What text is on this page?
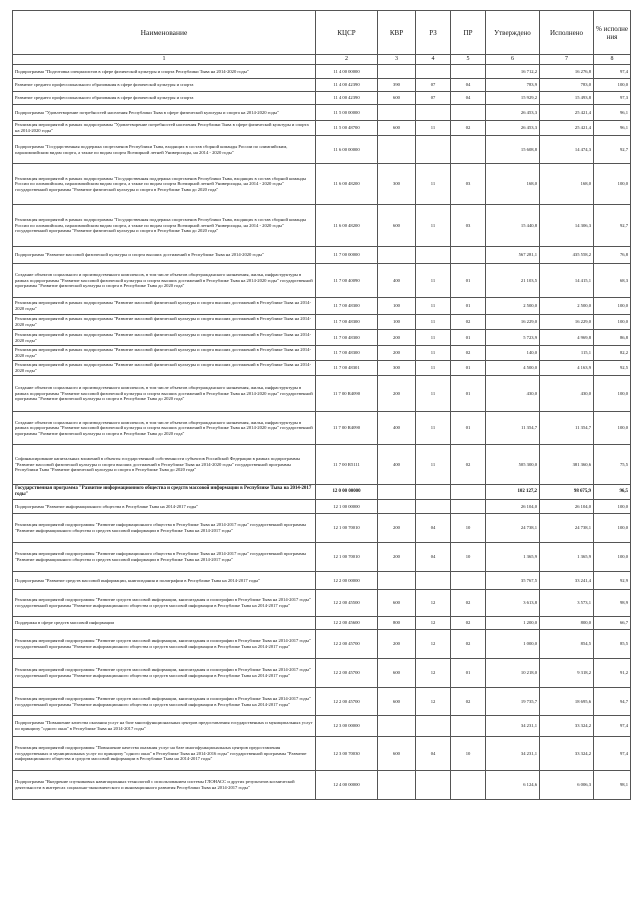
Наименование	КЦСР	КВР	РЗ	ПР	Утверждено	Исполнено	% исполне ния
1	2	3	4	5	6	7	8
Подпрограмма "Подготовка специалистов в сфере физической культуры и спорта Республики Тыва на 2014-2020 годы"	11 4 00 00000				16 712,2	16 276,8	97,4
Развитие среднего профессионального образования в сфере физической культуры и спорта	11 4 00 42390	390	07	04	783,9	783,0	100,0
Развитие среднего профессионального образования в сфере физической культуры и спорта	11 4 00 42390	600	07	04	15 929,2	15 493,8	97,3
Подпрограмма "Удовлетворение потребностей населения Республики Тыва в сфере физической культуры и спорта на 2014-2020 годы"	11 5 00 00000				26 453,3	25 421,4	96,1
Реализация мероприятий в рамках подпрограммы "Удовлетворение потребностей населения Республики Тыва в сфере физической культуры и спорта на 2014-2020 годы"	11 5 00 48700	600	11	02	26 453,3	25 421,4	96,1
Подпрограмма "Государственная поддержка спортсменов Республики Тыва, входящих в состав сборной команды России по олимпийским, паралимпийским видам спорта, а также по видам спорта Всемирной летней Универсиады, на 2014 - 2020 годы"	11 6 00 00000				15 608,8	14 474,3	92,7
Реализация мероприятий в рамках подпрограммы "Государственная поддержка спортсменов Республики Тыва, входящих в состав сборной команды России по олимпийским, паралимпийским видам спорта, а также по видам спорта Всемирной летней Универсиады, на 2014 - 2020 годы" государственной программы "Развитие физической культуры и спорта в Республике Тыва до 2020 года"	11 6 00 48200	300	11	03	168,0	168,0	100,0
Реализация мероприятий в рамках подпрограммы "Государственная поддержка спортсменов Республики Тыва, входящих в состав сборной команды России по олимпийским, паралимпийским видам спорта, а также по видам спорта Всемирной летней Универсиады, на 2014 - 2020 годы" государственной программы "Развитие физической культуры и спорта в Республике Тыва до 2020 года"	11 6 00 48200	600	11	03	15 440,8	14 306,3	92,7
Подпрограмма "Развитие массовой физической культуры и спорта высших достижений в Республике Тыва на 2014-2020 годы"	11 7 00 00000				567 281,1	435 558,2	76,8
Создание объектов социального и производственного комплексов, в том числе объектов общегражданского назначения, жилья, инфраструктуры в рамках подпрограммы "Развитие массовой физической культуры и спорта высших достижений в Республике Тыва на 2014-2020 годы" государственной программы "Развитие физической культуры и спорта в Республике Тыва до 2020 года"	11 7 00 40090	400	11	01	21 103,5	14 415,1	68,3
Реализация мероприятий в рамках подпрограммы "Развитие массовой физической культуры и спорта высших достижений в Республике Тыва на 2014-2020 годы"	11 7 00 48300	100	11	01	2 500,0	2 500,0	100,0
Реализация мероприятий в рамках подпрограммы "Развитие массовой физической культуры и спорта высших достижений в Республике Тыва на 2014-2020 годы"	11 7 00 48300	100	11	02	16 229,0	16 229,0	100,0
Реализация мероприятий в рамках подпрограммы "Развитие массовой физической культуры и спорта высших достижений в Республике Тыва на 2014-2020 годы"	11 7 00 48300	200	11	01	5 723,9	4 969,8	86,8
Реализация мероприятий в рамках подпрограммы "Развитие массовой физической культуры и спорта высших достижений в Республике Тыва на 2014-2020 годы"	11 7 00 48300	200	11	02	140,0	115,1	82,2
Реализация мероприятий в рамках подпрограммы "Развитие массовой физической культуры и спорта высших достижений в Республике Тыва на 2014-2020 годы"	11 7 00 48301	300	11	01	4 500,0	4 163,9	92,5
Создание объектов социального и производственного комплексов, в том числе объектов общегражданского назначения, жилья, инфраструктуры в рамках подпрограммы "Развитие массовой физической культуры и спорта высших достижений в Республике Тыва на 2014-2020 годы" государственной программы "Развитие физической культуры и спорта в Республике Тыва до 2020 года"	11 7 00 R4090	200	11	01	430,0	430,0	100,0
Создание объектов социального и производственного комплексов, в том числе объектов общегражданского назначения, жилья, инфраструктуры в рамках подпрограммы "Развитие массовой физической культуры и спорта высших достижений в Республике Тыва на 2014-2020 годы" государственной программы "Развитие физической культуры и спорта в Республике Тыва до 2020 года"	11 7 00 R4090	400	11	01	11 354,7	11 354,7	100,0
Софинансирование капитальных вложений в объекты государственной собственности субъектов Российской Федерации в рамках подпрограммы "Развитие массовой физической культуры и спорта высших достижений в Республике Тыва на 2014-2020 годы" государственной программы Республики Тыва "Развитие физической культуры и спорта в Республике Тыва до 2020 года"	11 7 00 R5111	400	11	02	505 300,0	381 360,6	75,5
Государственная программа "Развитие информационного общества и средств массовой информации в Республике Тыва на 2014-2017 годы"	12 0 00 00000				102 127,2	98 675,9	96,5
Подпрограмма "Развитие информационного общества в Республике Тыва на 2014-2017 годы"	12 1 00 00000				26 104,0	26 104,0	100,0
Реализация мероприятий подпрограммы "Развитие информационного общества в Республике Тыва на 2014-2017 годы" государственной программы "Развитие информационного общества и средств массовой информации в Республике Тыва на 2014-2017 годы"	12 1 00 70010	200	04	10	24 738,1	24 738,1	100,0
Реализация мероприятий подпрограммы "Развитие информационного общества в Республике Тыва на 2014-2017 годы" государственной программы "Развитие информационного общества и средств массовой информации в Республике Тыва на 2014-2017 годы"	12 1 00 70010	200	04	10	1 365,9	1 365,9	100,0
Подпрограмма "Развитие средств массовой информации, книгоиздания и полиграфии в Республике Тыва на 2014-2017 годы"	12 2 00 00000				35 767,5	33 241,4	92,9
Реализация мероприятий подпрограммы "Развитие средств массовой информации, книгоиздания и полиграфии в Республике Тыва на 2014-2017 годы" государственной программы "Развитие информационного общества и средств массовой информации в Республике Тыва на 2014-2017 годы"	12 2 00 45500	600	12	02	3 613,8	3 573,1	98,9
Поддержка в сфере средств массовой информации	12 2 00 45600	800	12	02	1 200,0	800,0	66,7
Реализация мероприятий подпрограммы "Развитие средств массовой информации, книгоиздания и полиграфии в Республике Тыва на 2014-2017 годы" государственной программы "Развитие информационного общества и средств массовой информации в Республике Тыва на 2014-2017 годы"	12 2 00 45700	200	12	02	1 000,0	854,5	85,5
Реализация мероприятий подпрограммы "Развитие средств массовой информации, книгоиздания и полиграфии в Республике Тыва на 2014-2017 годы" государственной программы "Развитие информационного общества и средств массовой информации в Республике Тыва на 2014-2017 годы"	12 2 00 45700	600	12	01	10 218,0	9 318,2	91,2
Реализация мероприятий подпрограммы "Развитие средств массовой информации, книгоиздания и полиграфии в Республике Тыва на 2014-2017 годы" государственной программы "Развитие информационного общества и средств массовой информации в Республике Тыва на 2014-2017 годы"	12 2 00 45700	600	12	02	19 735,7	18 695,6	94,7
Подпрограмма "Повышение качества оказания услуг на базе многофункциональных центров предоставления государственных и муниципальных услуг по принципу "одного окна" в Республике Тыва на 2014-2017 годы"	12 3 00 00000				34 231,1	33 324,2	97,4
Реализация мероприятий подпрограммы "Повышение качества оказания услуг на базе многофункциональных центров предоставления государственных и муниципальных услуг по принципу "одного окна" в Республике Тыва на 2014-2016 годы" государственной программы "Развитие информационного общества и средств массовой информации в Республике Тыва на 2014-2017 годы"	12 3 00 70030	600	04	10	34 231,1	33 324,2	97,4
Подпрограмма "Внедрение спутниковых навигационных технологий с использованием системы ГЛОНАСС и других результатов космической деятельности в интересах социально-экономического и инновационного развития Республики Тыва на 2014-2017 годы"	12 4 00 00000				6 124,6	6 006,3	98,1
